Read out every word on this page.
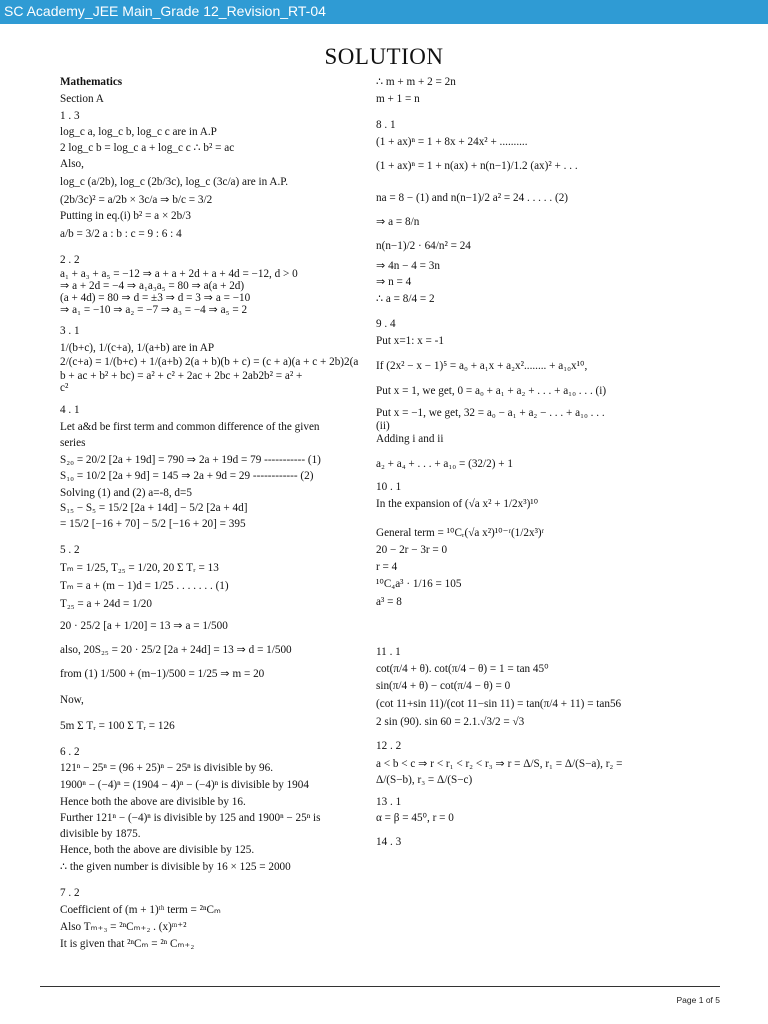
SC Academy_JEE Main_Grade 12_Revision_RT-04
SOLUTION
Mathematics
Section A
1 . 3
log_c a, log_c b, log_c c are in A.P
2 log_c b = log_c a + log_c c ∴ b² = ac
Also,
log_c (a/2b), log_c (2b/3c), log_c (3c/a) are in A.P.
(2b/3c)² = a/2b × 3c/a ⇒ b/c = 3/2
Putting in eq.(i) b² = a × 2b/3
a/b = 3/2 a : b : c = 9 : 6 : 4
2 . 2
a₁ + a₃ + a₅ = −12 ⇒ a + a + 2d + a + 4d = −12, d > 0
⇒ a + 2d = −4 ⇒ a₁a₃a₅ = 80 ⇒ a(a + 2d)
(a + 4d) = 80 ⇒ d = ±3 ⇒ d = 3 ⇒ a = −10
⇒ a₁ = −10 ⇒ a₂ = −7 ⇒ a₃ = −4 ⇒ a₅ = 2
3 . 1
1/(b+c), 1/(c+a), 1/(a+b) are in AP
2/(c+a) = 1/(b+c) + 1/(a+b) 2(a + b)(b + c) = (c + a)(a + c + 2b)2(a
b + ac + b² + bc) = a² + c² + 2ac + 2bc + 2ab2b² = a² +
c²
4 . 1
Let a&d be first term and common difference of the given
series
S₂₀ = 20/2 [2a + 19d] = 790 ⇒ 2a + 19d = 79 ----------- (1)
S₁₀ = 10/2 [2a + 9d] = 145 ⇒ 2a + 9d = 29 ------------ (2)
Solving (1) and (2) a=-8, d=5
S₁₅ − S₅ = 15/2 [2a + 14d] − 5/2 [2a + 4d]
= 15/2 [−16 + 70] − 5/2 [−16 + 20] = 395
5 . 2
Tₘ = 1/25, T₂₅ = 1/20, 20 Σ Tᵣ = 13
Tₘ = a + (m − 1)d = 1/25 . . . . . . . (1)
T₂₅ = a + 24d = 1/20
20 · 25/2 [a + 1/20] = 13 ⇒ a = 1/500
also, 20S₂₅ = 20 · 25/2 [2a + 24d] = 13 ⇒ d = 1/500
from (1) 1/500 + (m−1)/500 = 1/25 ⇒ m = 20
Now,
5m Σ Tᵣ = 100 Σ Tᵣ = 126
6 . 2
121ⁿ − 25ⁿ = (96 + 25)ⁿ − 25ⁿ is divisible by 96.
1900ⁿ − (−4)ⁿ = (1904 − 4)ⁿ − (−4)ⁿ is divisible by 1904
Hence both the above are divisible by 16.
Further 121ⁿ − (−4)ⁿ is divisible by 125 and 1900ⁿ − 25ⁿ is
divisible by 1875.
Hence, both the above are divisible by 125.
∴ the given number is divisible by 16 × 125 = 2000
7 . 2
Coefficient of (m + 1)ᵗʰ term = ²ⁿCₘ
Also Tₘ₊₃ = ²ⁿCₘ₊₂ . (x)ᵐ⁺²
It is given that ²ⁿCₘ = ²ⁿ Cₘ₊₂
∴ m + m + 2 = 2n
m + 1 = n
8 . 1
(1 + ax)ⁿ = 1 + 8x + 24x² + ..........
(1 + ax)ⁿ = 1 + n(ax) + n(n−1)/1.2 (ax)² + . . .
na = 8 − (1) and n(n−1)/2 a² = 24 . . . . . (2)
⇒ a = 8/n
n(n−1)/2 · 64/n² = 24
⇒ 4n − 4 = 3n
⇒ n = 4
∴ a = 8/4 = 2
9 . 4
Put x=1: x = -1
If (2x² − x − 1)⁵ = a₀ + a₁x + a₂x²........ + a₁₀x¹⁰,
Put x = 1, we get, 0 = a₀ + a₁ + a₂ + . . . + a₁₀ . . . (i)
Put x = −1, we get, 32 = a₀ − a₁ + a₂ − . . . + a₁₀ . . .
(ii)
Adding i and ii
a₂ + a₄ + . . . + a₁₀ = (32/2) + 1
10 . 1
In the expansion of (√a x² + 1/2x³)¹⁰
General term = ¹⁰Cᵣ(√a x²)¹⁰⁻ʳ(1/2x³)ʳ
20 − 2r − 3r = 0
r = 4
¹⁰C₄a³ · 1/16 = 105
a³ = 8
11 . 1
cot(π/4 + θ). cot(π/4 − θ) = 1 = tan 45⁰
sin(π/4 + θ) − cot(π/4 − θ) = 0
(cot 11+sin 11)/(cot 11−sin 11) = tan(π/4 + 11) = tan56
2 sin (90). sin 60 = 2.1.√3/2 = √3
12 . 2
a < b < c ⇒ r < r₁ < r₂ < r₃ ⇒ r = Δ/S, r₁ = Δ/(S−a), r₂ =
Δ/(S−b), r₃ = Δ/(S−c)
13 . 1
α = β = 45⁰, r = 0
14 . 3
Page 1 of 5
